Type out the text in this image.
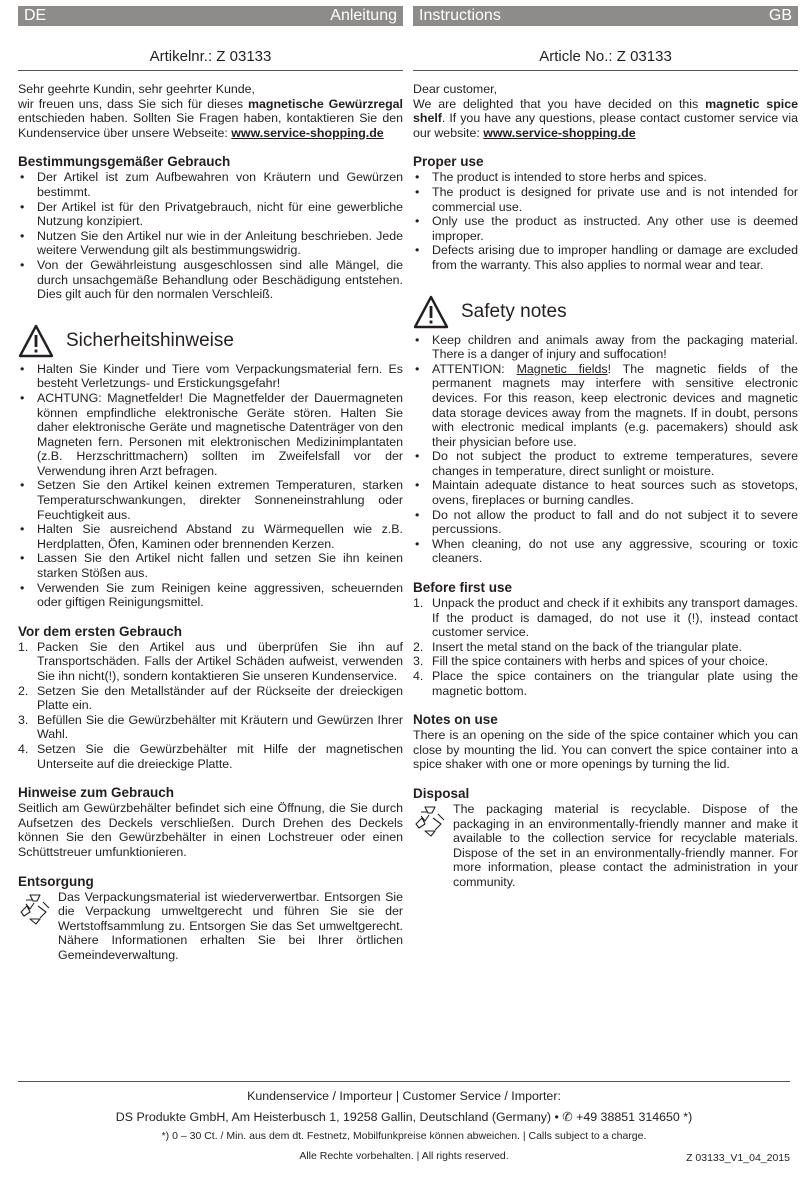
DE	Anleitung
Artikelnr.: Z 03133
Sehr geehrte Kundin, sehr geehrter Kunde,

wir freuen uns, dass Sie sich für dieses magnetische Gewürzregal entschieden haben. Sollten Sie Fragen haben, kontaktieren Sie den Kundenservice über unsere Webseite: www.service-shopping.de

Bestimmungsgemäßer Gebrauch
• Der Artikel ist zum Aufbewahren von Kräutern und Gewürzen bestimmt.
• Der Artikel ist für den Privatgebrauch, nicht für eine gewerbliche Nutzung konzipiert.
• Nutzen Sie den Artikel nur wie in der Anleitung beschrieben. Jede weitere Verwendung gilt als bestimmungswidrig.
• Von der Gewährleistung ausgeschlossen sind alle Mängel, die durch unsachgemäße Behandlung oder Beschädigung entstehen. Dies gilt auch für den normalen Verschleiß.
Sicherheitshinweise
• Halten Sie Kinder und Tiere vom Verpackungsmaterial fern. Es besteht Verletzungs- und Erstickungsgefahr!
• ACHTUNG: Magnetfelder! Die Magnetfelder der Dauermagneten können empfindliche elektronische Geräte stören. Halten Sie daher elektronische Geräte und magnetische Datenträger von den Magneten fern. Personen mit elektronischen Medizinimplantaten (z.B. Herzschrittmachern) sollten im Zweifelsfall vor der Verwendung ihren Arzt befragen.
• Setzen Sie den Artikel keinen extremen Temperaturen, starken Temperaturschwankungen, direkter Sonneneinstrahlung oder Feuchtigkeit aus.
• Halten Sie ausreichend Abstand zu Wärmequellen wie z.B. Herdplatten, Öfen, Kaminen oder brennenden Kerzen.
• Lassen Sie den Artikel nicht fallen und setzen Sie ihn keinen starken Stößen aus.
• Verwenden Sie zum Reinigen keine aggressiven, scheuernden oder giftigen Reinigungsmittel.
Vor dem ersten Gebrauch
1. Packen Sie den Artikel aus und überprüfen Sie ihn auf Transportschäden. Falls der Artikel Schäden aufweist, verwenden Sie ihn nicht(!), sondern kontaktieren Sie unseren Kundenservice.
2. Setzen Sie den Metallständer auf der Rückseite der dreieckigen Platte ein.
3. Befüllen Sie die Gewürzbehälter mit Kräutern und Gewürzen Ihrer Wahl.
4. Setzen Sie die Gewürzbehälter mit Hilfe der magnetischen Unterseite auf die dreieckige Platte.
Hinweise zum Gebrauch
Seitlich am Gewürzbehälter befindet sich eine Öffnung, die Sie durch Aufsetzen des Deckels verschließen. Durch Drehen des Deckels können Sie den Gewürzbehälter in einen Lochstreuer oder einen Schüttstreuer umfunktionieren.
Entsorgung
Das Verpackungsmaterial ist wiederverwertbar. Entsorgen Sie die Verpackung umweltgerecht und führen Sie sie der Wertstoffsammlung zu. Entsorgen Sie das Set umweltgerecht. Nähere Informationen erhalten Sie bei Ihrer örtlichen Gemeindeverwaltung.
Instructions	GB
Article No.: Z 03133
Dear customer,

We are delighted that you have decided on this magnetic spice shelf. If you have any questions, please contact customer service via our website: www.service-shopping.de

Proper use
• The product is intended to store herbs and spices.
• The product is designed for private use and is not intended for commercial use.
• Only use the product as instructed. Any other use is deemed improper.
• Defects arising due to improper handling or damage are excluded from the warranty. This also applies to normal wear and tear.
Safety notes
• Keep children and animals away from the packaging material. There is a danger of injury and suffocation!
• ATTENTION: Magnetic fields! The magnetic fields of the permanent magnets may interfere with sensitive electronic devices. For this reason, keep electronic devices and magnetic data storage devices away from the magnets. If in doubt, persons with electronic medical implants (e.g. pacemakers) should ask their physician before use.
• Do not subject the product to extreme temperatures, severe changes in temperature, direct sunlight or moisture.
• Maintain adequate distance to heat sources such as stovetops, ovens, fireplaces or burning candles.
• Do not allow the product to fall and do not subject it to severe percussions.
• When cleaning, do not use any aggressive, scouring or toxic cleaners.
Before first use
1. Unpack the product and check if it exhibits any transport damages. If the product is damaged, do not use it (!), instead contact customer service.
2. Insert the metal stand on the back of the triangular plate.
3. Fill the spice containers with herbs and spices of your choice.
4. Place the spice containers on the triangular plate using the magnetic bottom.
Notes on use
There is an opening on the side of the spice container which you can close by mounting the lid. You can convert the spice container into a spice shaker with one or more openings by turning the lid.
Disposal
The packaging material is recyclable. Dispose of the packaging in an environmentally-friendly manner and make it available to the collection service for recyclable materials. Dispose of the set in an environmentally-friendly manner. For more information, please contact the administration in your community.
Kundenservice / Importeur | Customer Service / Importer:
DS Produkte GmbH, Am Heisterbusch 1, 19258 Gallin, Deutschland (Germany) • ✆ +49 38851 314650 *)
*) 0 – 30 Ct. / Min. aus dem dt. Festnetz, Mobilfunkpreise können abweichen. | Calls subject to a charge.
Alle Rechte vorbehalten. | All rights reserved.	Z 03133_V1_04_2015
